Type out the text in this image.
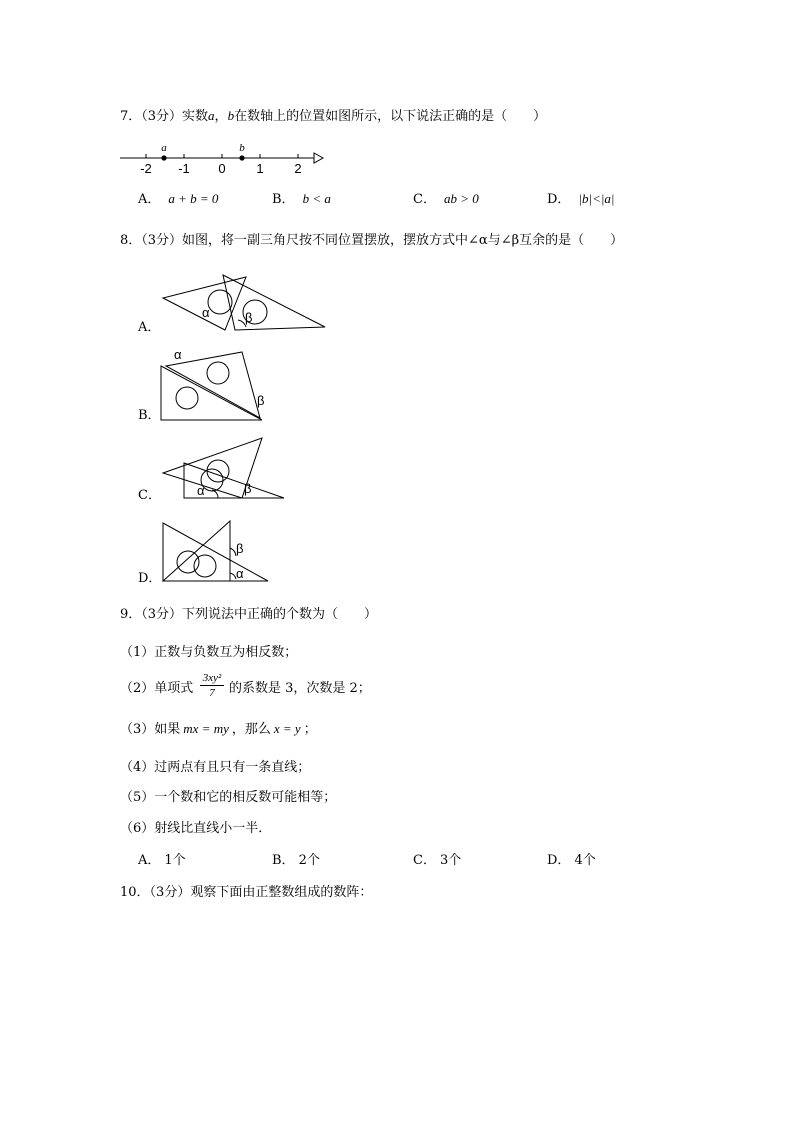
7．（3分）实数a，b在数轴上的位置如图所示，以下说法正确的是（　　）
a	b
-2 -1 0 1 2
A． a + b = 0	B． b < a	C． ab > 0	D． |b|<|a|
8．（3分）如图，将一副三角尺按不同位置摆放，摆放方式中∠α与∠β互余的是（　　）
A．
α	β
B．
α
β
C．	α	β
D．
β
α
9．（3分）下列说法中正确的个数为（　　）
（1）正数与负数互为相反数；
（2）单项式
3xy²
7	的系数是 3，次数是 2；
（3）如果 mx = my ，那么 x = y ；
（4）过两点有且只有一条直线；
（5）一个数和它的相反数可能相等；
（6）射线比直线小一半．
A． 1个	B． 2个	C． 3个	D． 4个
10．（3分）观察下面由正整数组成的数阵：
